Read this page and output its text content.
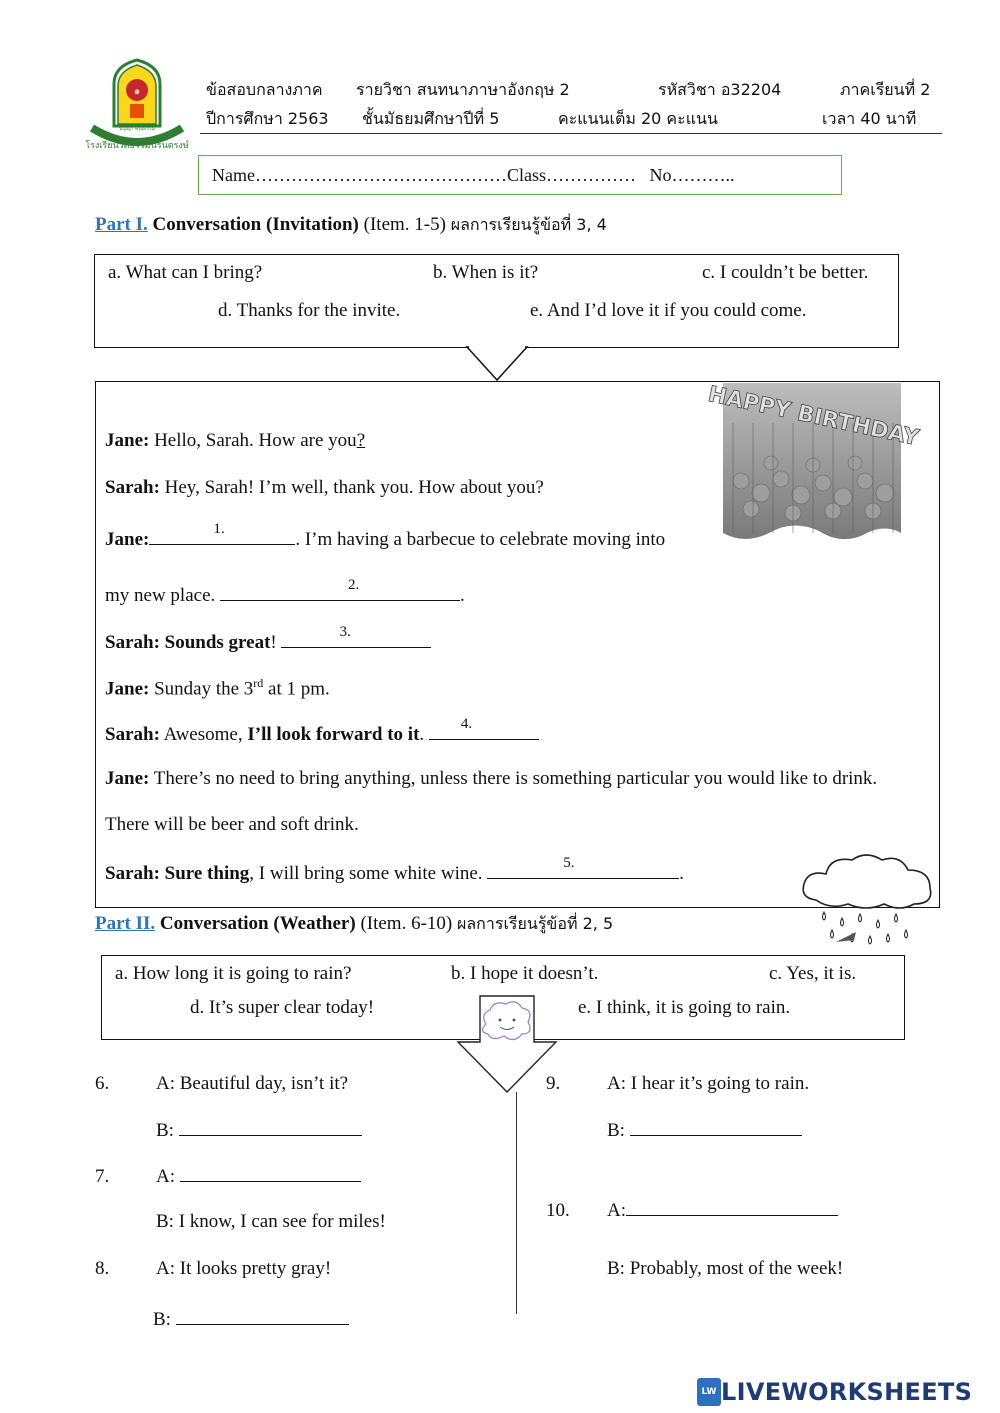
๑
โรงเรียนวัดธรรมนิรันตรงษ์
ปัญญา คุณธรรม
ข้อสอบกลางภาค รายวิชา สนทนาภาษาอังกฤษ 2	รหัสวิชา อ32204	ภาคเรียนที่ 2
ปีการศึกษา 2563 ชั้นมัธยมศึกษาปีที่ 5	คะแนนเต็ม 20 คะแนน	เวลา 40 นาที
Name……………………………………Class……………   No………..
Part I. Conversation (Invitation) (Item. 1-5) ผลการเรียนรู้ข้อที่ 3, 4
a. What can I bring?	b. When is it?	c. I couldn’t be better.
d. Thanks for the invite.	e. And I’d love it if you could come.
HAPPY BIRTHDAY
Jane: Hello, Sarah. How are you?
Sarah: Hey, Sarah! I’m well, thank you. How about you?
Jane:	1.	. I’m having a barbecue to celebrate moving into
my new place.	2.	.
Sarah: Sounds great!	3.
Jane: Sunday the 3rd at 1 pm.
Sarah: Awesome, I’ll look forward to it. 4.
Jane: There’s no need to bring anything, unless there is something particular you would like to drink.
There will be beer and soft drink.
Sarah: Sure thing, I will bring some white wine.	5.	.
Part II. Conversation (Weather) (Item. 6-10) ผลการเรียนรู้ข้อที่ 2, 5
a. How long it is going to rain?	b. I hope it doesn’t.	c. Yes, it is.
d. It’s super clear today!	e. I think, it is going to rain.
6. A: Beautiful day, isn’t it?
B:
7. A:
B: I know, I can see for miles!
8. A: It looks pretty gray!
B:
9. A: I hear it’s going to rain.
B:
10. A:
B: Probably, most of the week!
LW LIVEWORKSHEETS
